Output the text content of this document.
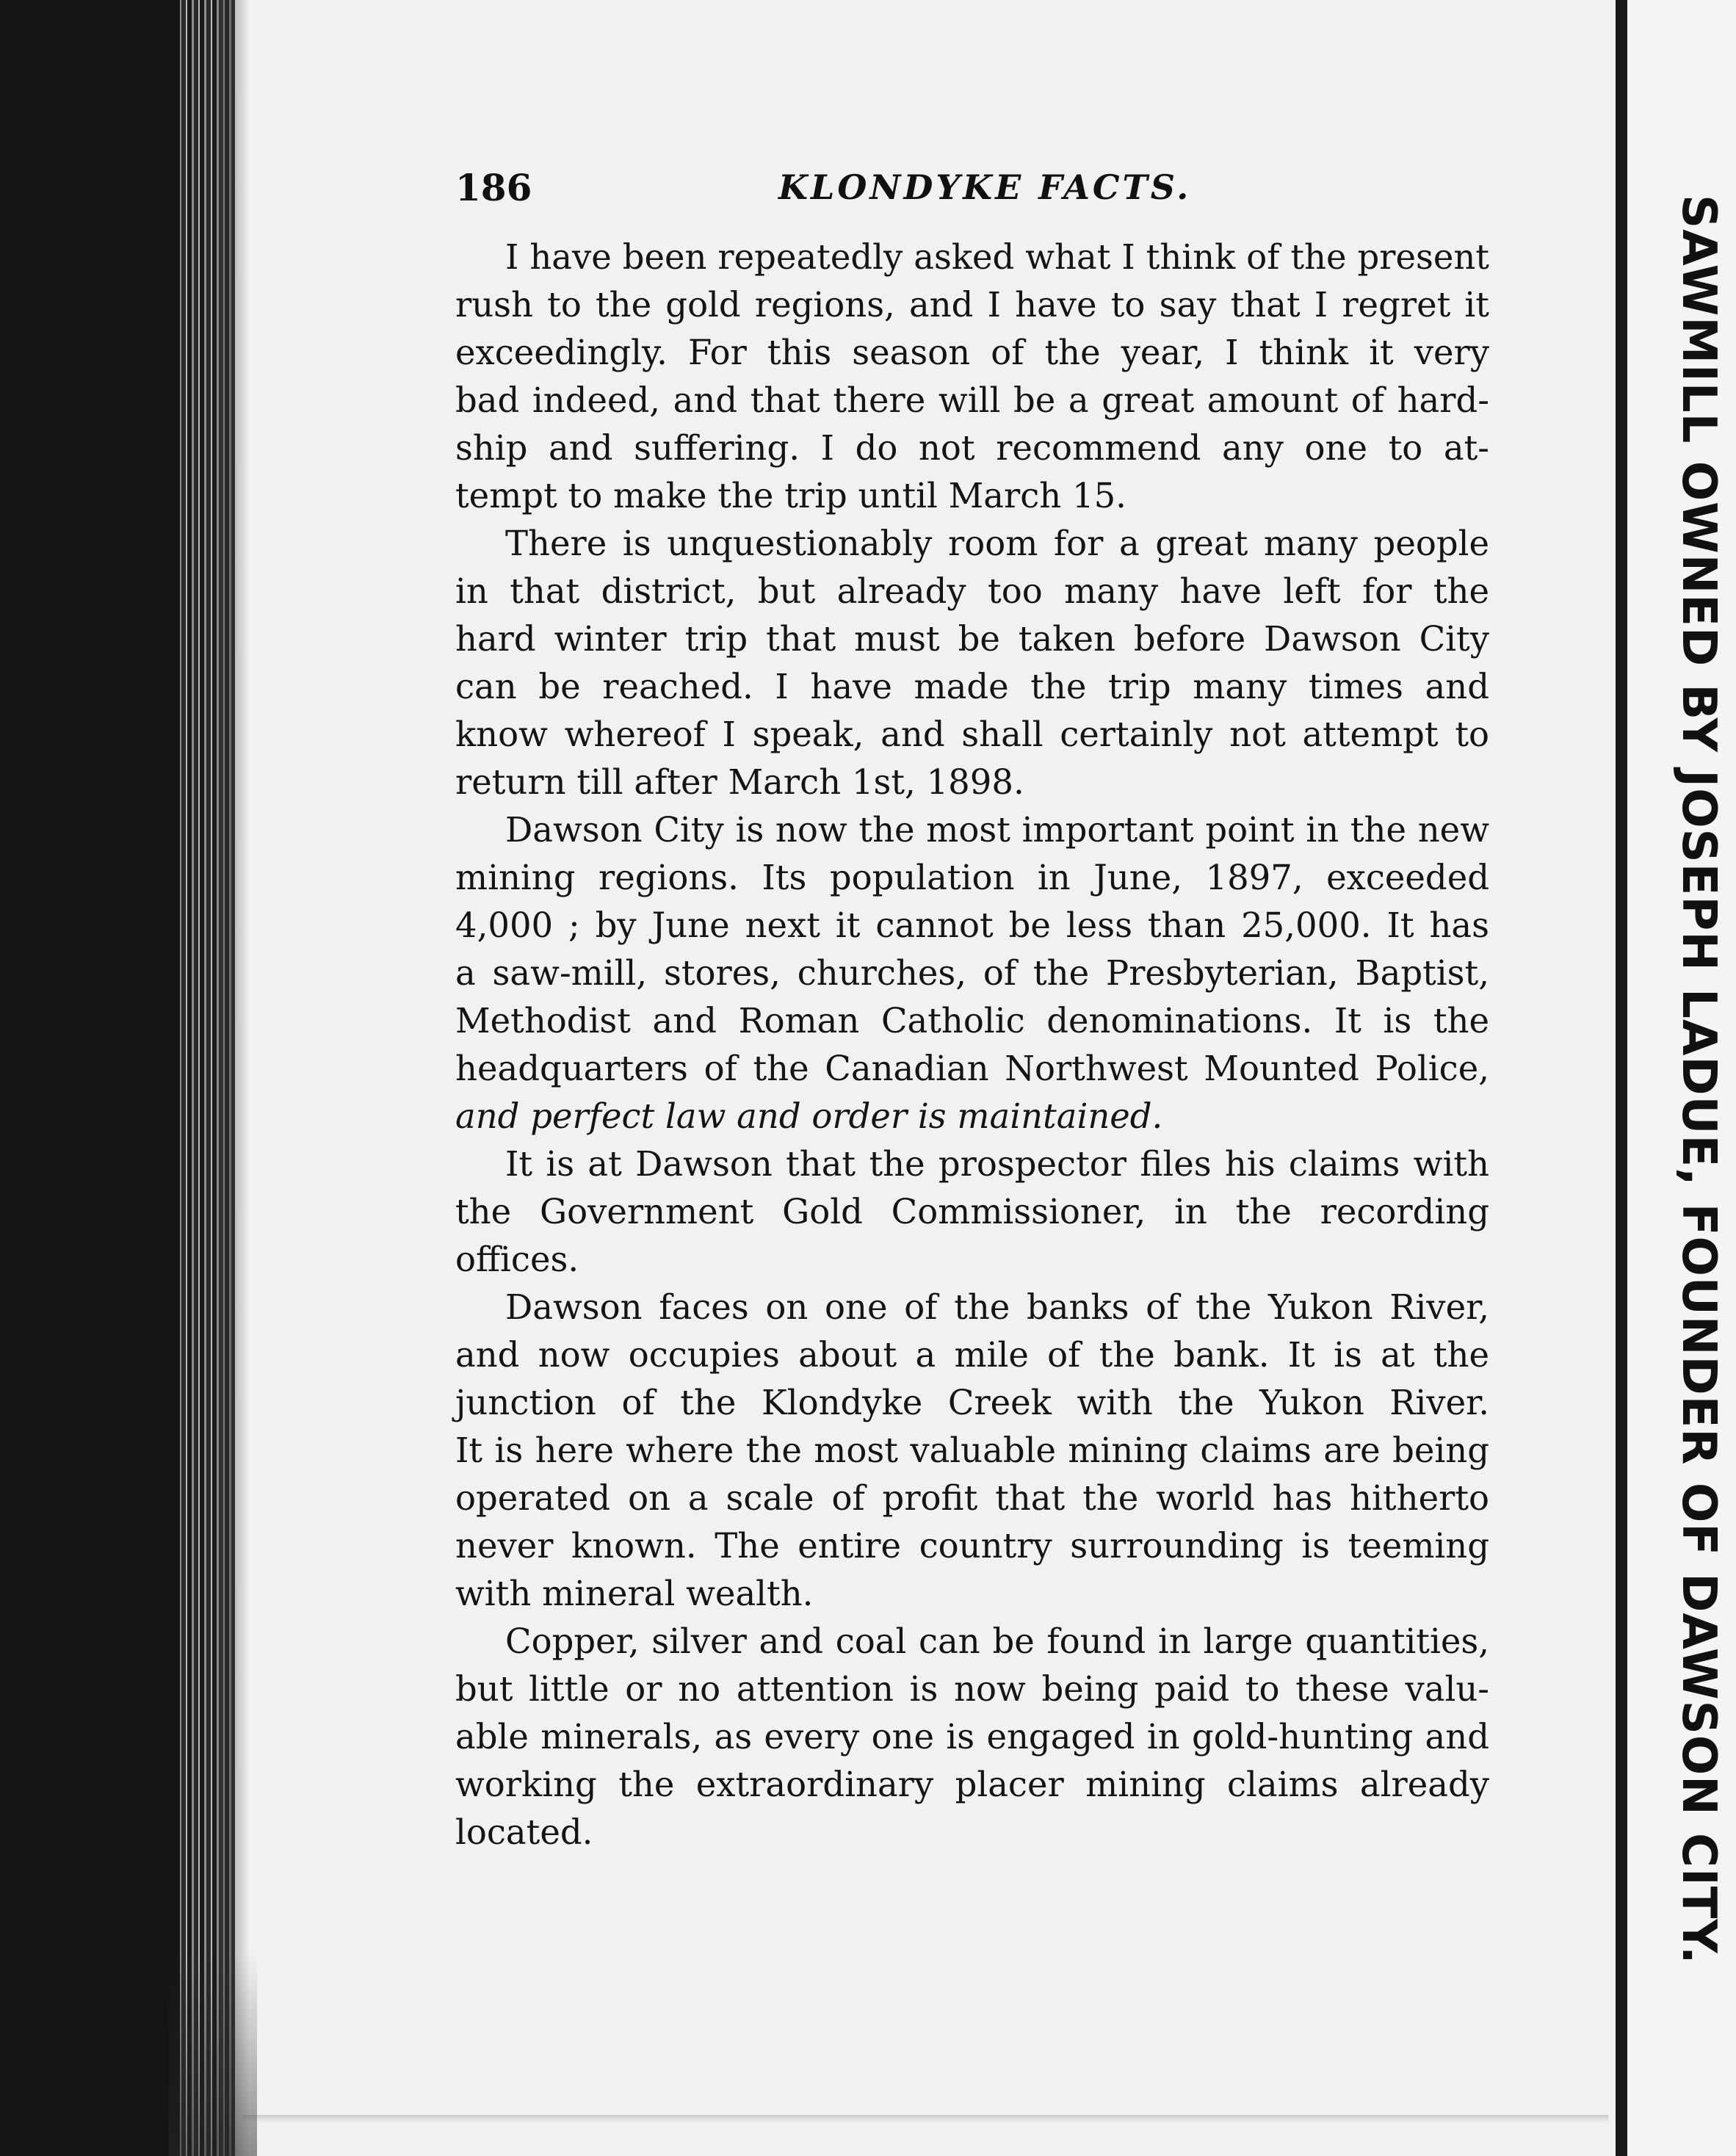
186	KLONDYKE FACTS.
I have been repeatedly asked what I think of the present
rush to the gold regions, and I have to say that I regret it
exceedingly. For this season of the year, I think it very
bad indeed, and that there will be a great amount of hard-
ship and suffering. I do not recommend any one to at-
tempt to make the trip until March 15.
There is unquestionably room for a great many people
in that district, but already too many have left for the
hard winter trip that must be taken before Dawson City
can be reached. I have made the trip many times and
know whereof I speak, and shall certainly not attempt to
return till after March 1st, 1898.
Dawson City is now the most important point in the new
mining regions. Its population in June, 1897, exceeded
4,000 ; by June next it cannot be less than 25,000. It has
a saw-mill, stores, churches, of the Presbyterian, Baptist,
Methodist and Roman Catholic denominations. It is the
headquarters of the Canadian Northwest Mounted Police,
and perfect law and order is maintained.
It is at Dawson that the prospector files his claims with
the Government Gold Commissioner, in the recording
offices.
Dawson faces on one of the banks of the Yukon River,
and now occupies about a mile of the bank. It is at the
junction of the Klondyke Creek with the Yukon River.
It is here where the most valuable mining claims are being
operated on a scale of profit that the world has hitherto
never known. The entire country surrounding is teeming
with mineral wealth.
Copper, silver and coal can be found in large quantities,
but little or no attention is now being paid to these valu-
able minerals, as every one is engaged in gold-hunting and
working the extraordinary placer mining claims already
located.	SAWMILL OWNED BY JOSEPH LADUE, FOUNDER OF DAWSON CITY.
